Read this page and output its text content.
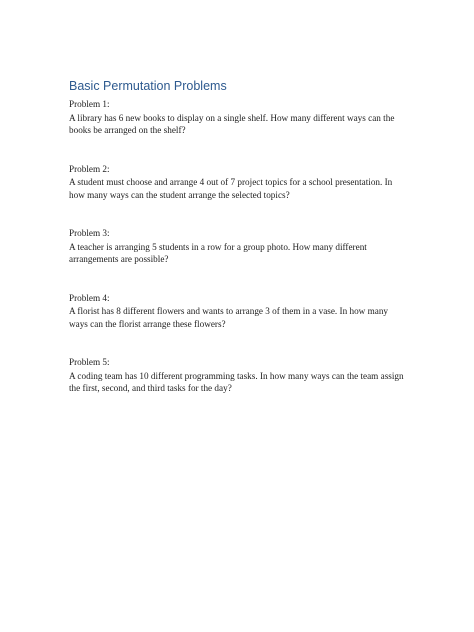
Basic Permutation Problems

Problem 1:

A library has 6 new books to display on a single shelf. How many different ways can the books be arranged on the shelf?

Problem 2:

A student must choose and arrange 4 out of 7 project topics for a school presentation. In how many ways can the student arrange the selected topics?

Problem 3:

A teacher is arranging 5 students in a row for a group photo. How many different arrangements are possible?

Problem 4:

A florist has 8 different flowers and wants to arrange 3 of them in a vase. In how many ways can the florist arrange these flowers?

Problem 5:

A coding team has 10 different programming tasks. In how many ways can the team assign the first, second, and third tasks for the day?
